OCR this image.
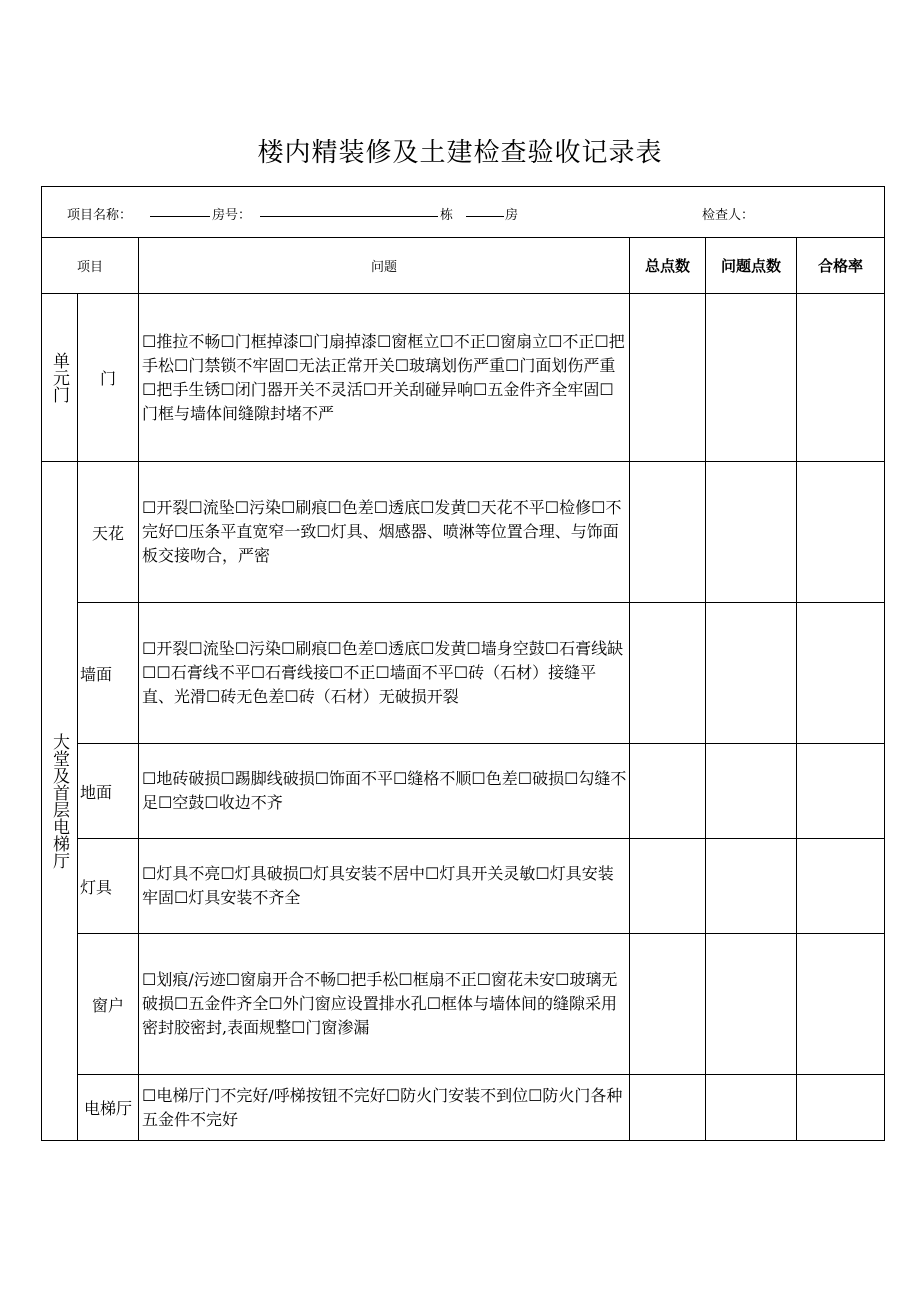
楼内精装修及土建检查验收记录表
项目名称： 房号： 栋 房 检查人：					

项目		问题	总点数	问题点数	合格率

单元门	门	☐推拉不畅☐门框掉漆☐门扇掉漆☐窗框立☐不正☐窗扇立☐不正☐把手松☐门禁锁不牢固☐无法正常开关☐玻璃划伤严重☐门面划伤严重☐把手生锈☐闭门器开关不灵活☐开关刮碰异响☐五金件齐全牢固☐门框与墙体间缝隙封堵不严			

大堂及首层电梯厅	天花	☐开裂☐流坠☐污染☐刷痕☐色差☐透底☐发黄☐天花不平☐检修☐不完好☐压条平直宽窄一致☐灯具、烟感器、喷淋等位置合理、与饰面板交接吻合，严密			
	墙面	☐开裂☐流坠☐污染☐刷痕☐色差☐透底☐发黄☐墙身空鼓☐石膏线缺☐☐石膏线不平☐石膏线接☐不正☐墙面不平☐砖（石材）接缝平直、光滑☐砖无色差☐砖（石材）无破损开裂			
	地面	☐地砖破损☐踢脚线破损☐饰面不平☐缝格不顺☐色差☐破损☐勾缝不足☐空鼓☐收边不齐			
	灯具	☐灯具不亮☐灯具破损☐灯具安装不居中☐灯具开关灵敏☐灯具安装牢固☐灯具安装不齐全			
	窗户	☐划痕/污迹☐窗扇开合不畅☐把手松☐框扇不正☐窗花未安☐玻璃无破损☐五金件齐全☐外门窗应设置排水孔☐框体与墙体间的缝隙采用密封胶密封,表面规整☐门窗渗漏			
	电梯厅	☐电梯厅门不完好/呼梯按钮不完好☐防火门安装不到位☐防火门各种五金件不完好			
